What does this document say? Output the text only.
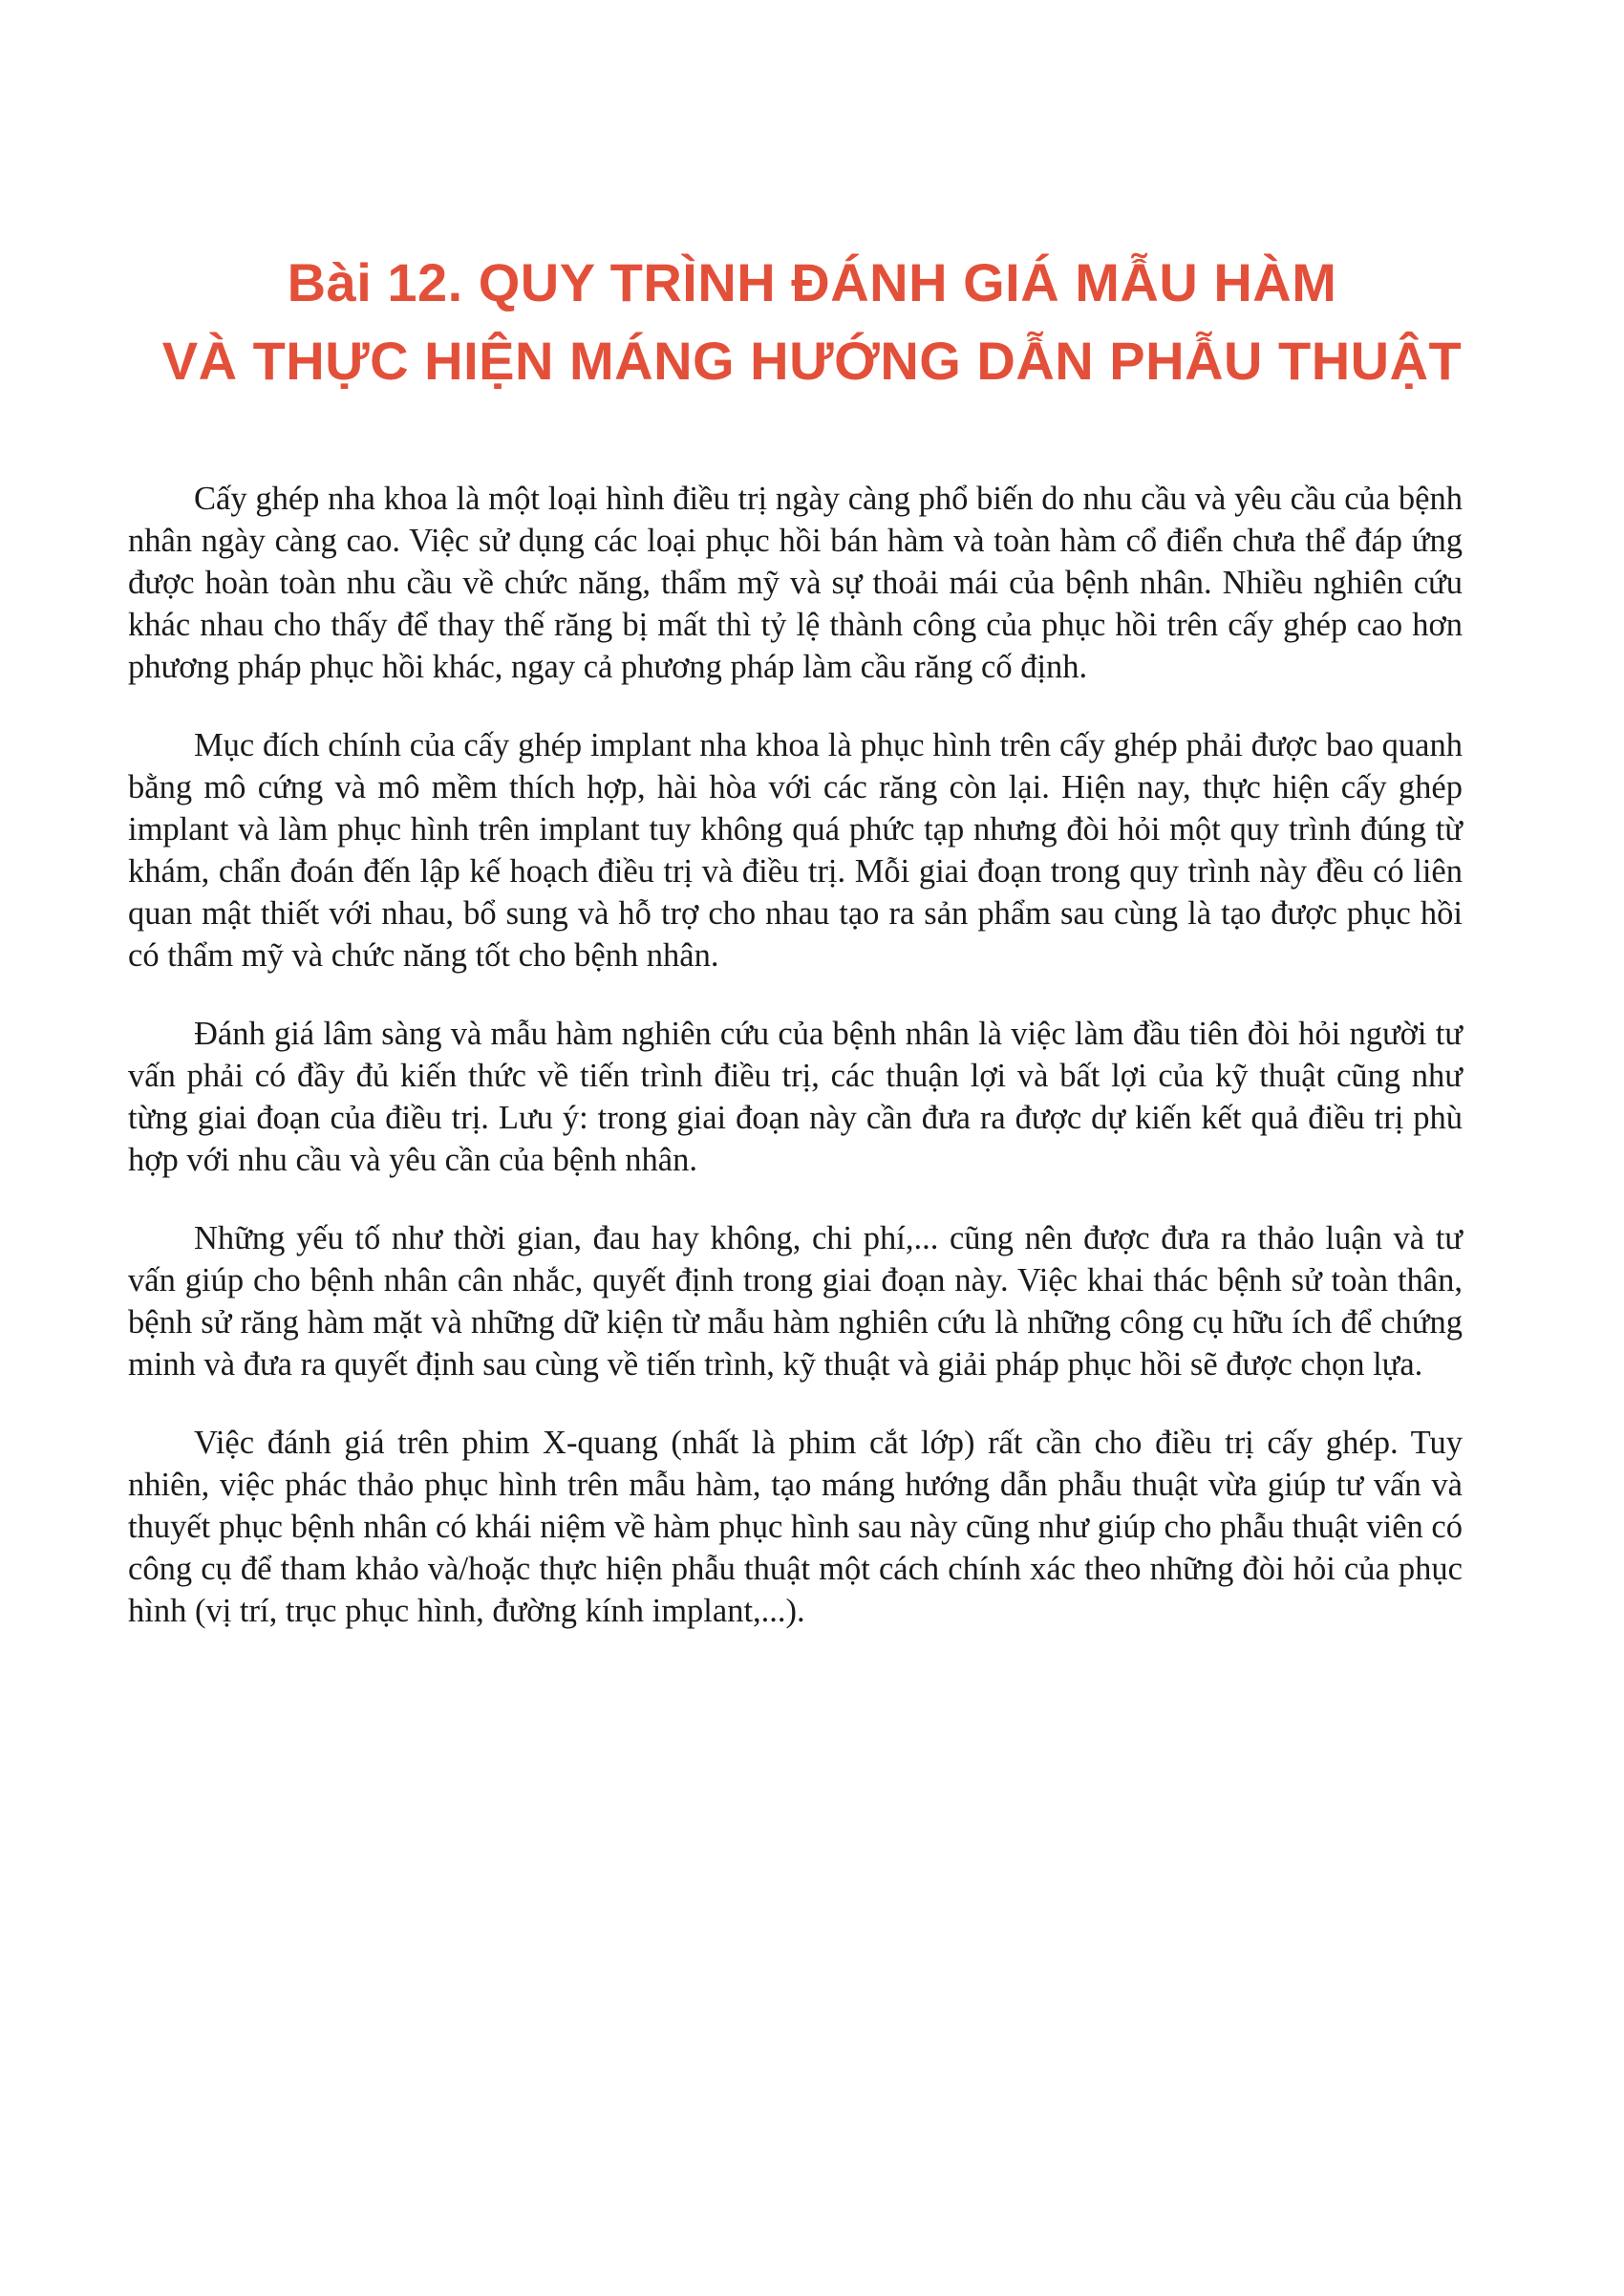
Bài 12. QUY TRÌNH ĐÁNH GIÁ MẪU HÀM
VÀ THỰC HIỆN MÁNG HƯỚNG DẪN PHẪU THUẬT

Cấy ghép nha khoa là một loại hình điều trị ngày càng phổ biến do nhu cầu và yêu cầu của bệnh nhân ngày càng cao. Việc sử dụng các loại phục hồi bán hàm và toàn hàm cổ điển chưa thể đáp ứng được hoàn toàn nhu cầu về chức năng, thẩm mỹ và sự thoải mái của bệnh nhân. Nhiều nghiên cứu khác nhau cho thấy để thay thế răng bị mất thì tỷ lệ thành công của phục hồi trên cấy ghép cao hơn phương pháp phục hồi khác, ngay cả phương pháp làm cầu răng cố định.

Mục đích chính của cấy ghép implant nha khoa là phục hình trên cấy ghép phải được bao quanh bằng mô cứng và mô mềm thích hợp, hài hòa với các răng còn lại. Hiện nay, thực hiện cấy ghép implant và làm phục hình trên implant tuy không quá phức tạp nhưng đòi hỏi một quy trình đúng từ khám, chẩn đoán đến lập kế hoạch điều trị và điều trị. Mỗi giai đoạn trong quy trình này đều có liên quan mật thiết với nhau, bổ sung và hỗ trợ cho nhau tạo ra sản phẩm sau cùng là tạo được phục hồi có thẩm mỹ và chức năng tốt cho bệnh nhân.

Đánh giá lâm sàng và mẫu hàm nghiên cứu của bệnh nhân là việc làm đầu tiên đòi hỏi người tư vấn phải có đầy đủ kiến thức về tiến trình điều trị, các thuận lợi và bất lợi của kỹ thuật cũng như từng giai đoạn của điều trị. Lưu ý: trong giai đoạn này cần đưa ra được dự kiến kết quả điều trị phù hợp với nhu cầu và yêu cần của bệnh nhân.

Những yếu tố như thời gian, đau hay không, chi phí,... cũng nên được đưa ra thảo luận và tư vấn giúp cho bệnh nhân cân nhắc, quyết định trong giai đoạn này. Việc khai thác bệnh sử toàn thân, bệnh sử răng hàm mặt và những dữ kiện từ mẫu hàm nghiên cứu là những công cụ hữu ích để chứng minh và đưa ra quyết định sau cùng về tiến trình, kỹ thuật và giải pháp phục hồi sẽ được chọn lựa.

Việc đánh giá trên phim X-quang (nhất là phim cắt lớp) rất cần cho điều trị cấy ghép. Tuy nhiên, việc phác thảo phục hình trên mẫu hàm, tạo máng hướng dẫn phẫu thuật vừa giúp tư vấn và thuyết phục bệnh nhân có khái niệm về hàm phục hình sau này cũng như giúp cho phẫu thuật viên có công cụ để tham khảo và/hoặc thực hiện phẫu thuật một cách chính xác theo những đòi hỏi của phục hình (vị trí, trục phục hình, đường kính implant,...).
